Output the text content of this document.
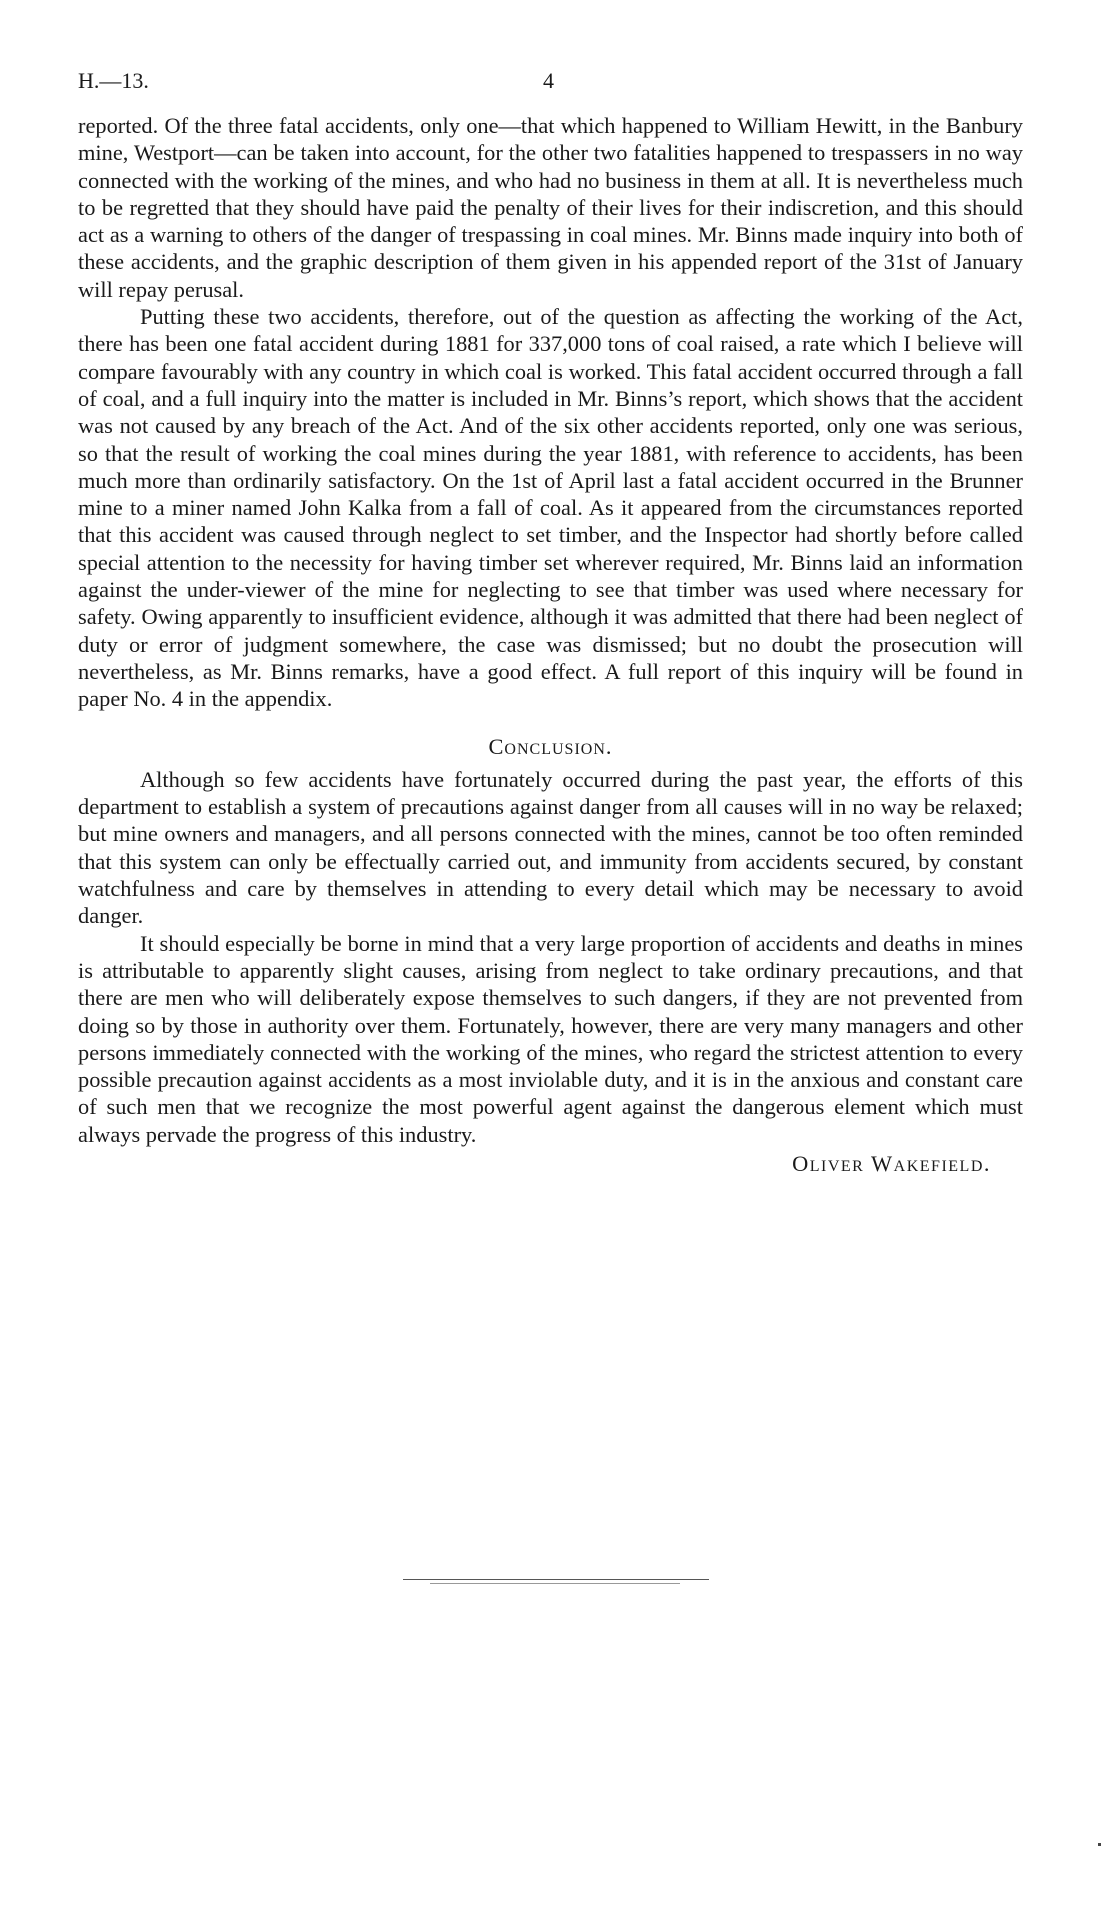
H.—13.	4

reported. Of the three fatal accidents, only one—that which happened to William Hewitt, in the Banbury mine, Westport—can be taken into account, for the other two fatalities happened to trespassers in no way connected with the working of the mines, and who had no business in them at all. It is nevertheless much to be regretted that they should have paid the penalty of their lives for their indiscretion, and this should act as a warning to others of the danger of trespassing in coal mines. Mr. Binns made inquiry into both of these accidents, and the graphic description of them given in his appended report of the 31st of January will repay perusal.

Putting these two accidents, therefore, out of the question as affecting the working of the Act, there has been one fatal accident during 1881 for 337,000 tons of coal raised, a rate which I believe will compare favourably with any country in which coal is worked. This fatal accident occurred through a fall of coal, and a full inquiry into the matter is included in Mr. Binns’s report, which shows that the accident was not caused by any breach of the Act. And of the six other accidents reported, only one was serious, so that the result of working the coal mines during the year 1881, with reference to accidents, has been much more than ordinarily satisfactory. On the 1st of April last a fatal accident occurred in the Brunner mine to a miner named John Kalka from a fall of coal. As it appeared from the circumstances reported that this accident was caused through neglect to set timber, and the Inspector had shortly before called special attention to the necessity for having timber set wherever required, Mr. Binns laid an information against the under-viewer of the mine for neglecting to see that timber was used where necessary for safety. Owing apparently to insufficient evidence, although it was admitted that there had been neglect of duty or error of judgment somewhere, the case was dismissed; but no doubt the prosecution will nevertheless, as Mr. Binns remarks, have a good effect. A full report of this inquiry will be found in paper No. 4 in the appendix.

Conclusion.

Although so few accidents have fortunately occurred during the past year, the efforts of this department to establish a system of precautions against danger from all causes will in no way be relaxed; but mine owners and managers, and all persons connected with the mines, cannot be too often reminded that this system can only be effectually carried out, and immunity from accidents secured, by constant watchfulness and care by themselves in attending to every detail which may be necessary to avoid danger.

It should especially be borne in mind that a very large proportion of accidents and deaths in mines is attributable to apparently slight causes, arising from neglect to take ordinary precautions, and that there are men who will deliberately expose themselves to such dangers, if they are not prevented from doing so by those in authority over them. Fortunately, however, there are very many managers and other persons immediately connected with the working of the mines, who regard the strictest attention to every possible precaution against accidents as a most inviolable duty, and it is in the anxious and constant care of such men that we recognize the most powerful agent against the dangerous element which must always pervade the progress of this industry.

Oliver Wakefield.
